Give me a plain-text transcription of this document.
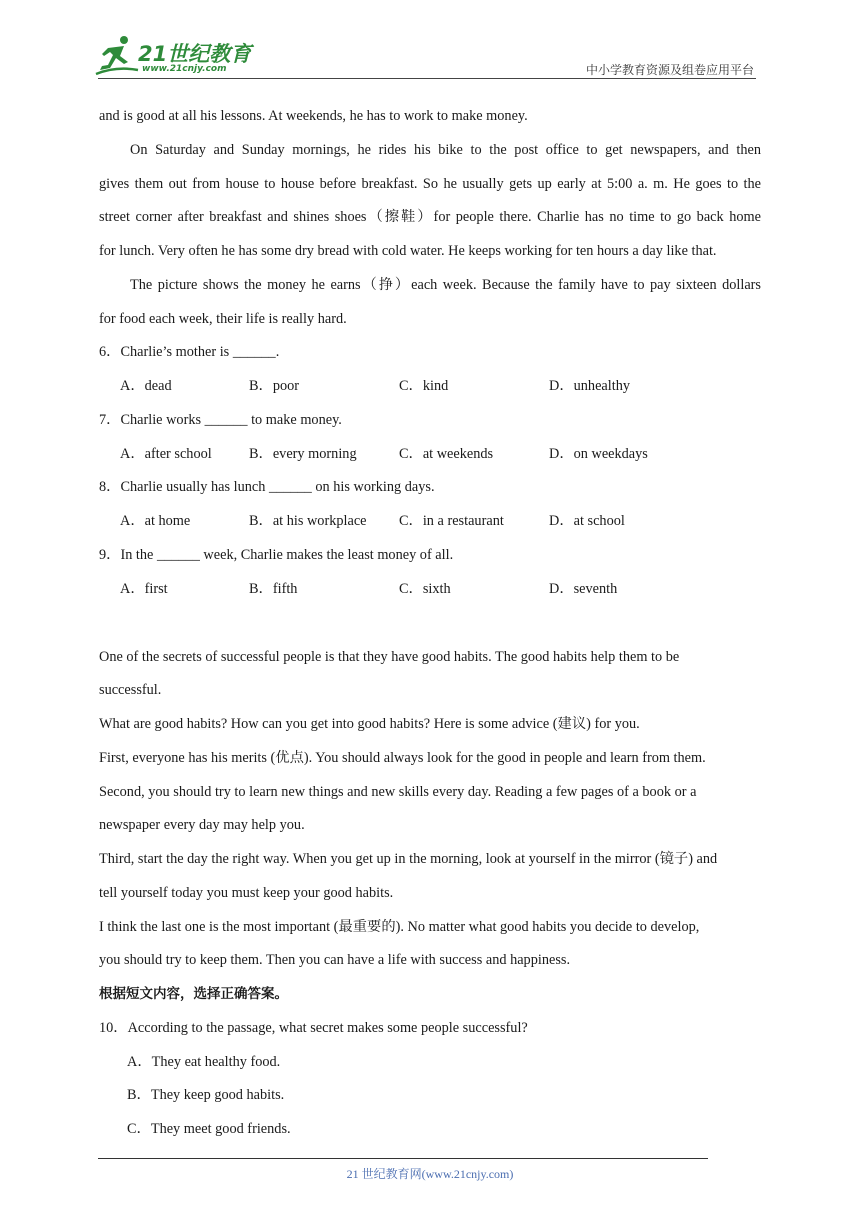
21世纪教育
www.21cnjy.com	中小学教育资源及组卷应用平台
and is good at all his lessons. At weekends, he has to work to make money.
On Saturday and Sunday mornings, he rides his bike to the post office to get newspapers, and then
gives them out from house to house before breakfast. So he usually gets up early at 5:00 a. m. He goes to the
street corner after breakfast and shines shoes（擦鞋）for people there. Charlie has no time to go back home
for lunch. Very often he has some dry bread with cold water. He keeps working for ten hours a day like that.
The picture shows the money he earns（挣）each week. Because the family have to pay sixteen dollars
for food each week, their life is really hard.
6．Charlie’s mother is ______.
A．dead	B．poor	C．kind	D．unhealthy
7．Charlie works ______ to make money.
A．after school	B．every morning	C．at weekends	D．on weekdays
8．Charlie usually has lunch ______ on his working days.
A．at home	B．at his workplace C．in a restaurant	D．at school
9．In the ______ week, Charlie makes the least money of all.
A．first	B．fifth	C．sixth	D．seventh
One of the secrets of successful people is that they have good habits. The good habits help them to be
successful.
What are good habits? How can you get into good habits? Here is some advice (建议) for you.
First, everyone has his merits (优点). You should always look for the good in people and learn from them.
Second, you should try to learn new things and new skills every day. Reading a few pages of a book or a
newspaper every day may help you.
Third, start the day the right way. When you get up in the morning, look at yourself in the mirror (镜子) and
tell yourself today you must keep your good habits.
I think the last one is the most important (最重要的). No matter what good habits you decide to develop,
you should try to keep them. Then you can have a life with success and happiness.
根据短文内容，选择正确答案。
10．According to the passage, what secret makes some people successful?
A．They eat healthy food.
B．They keep good habits.
C．They meet good friends.
21 世纪教育网(www.21cnjy.com)
